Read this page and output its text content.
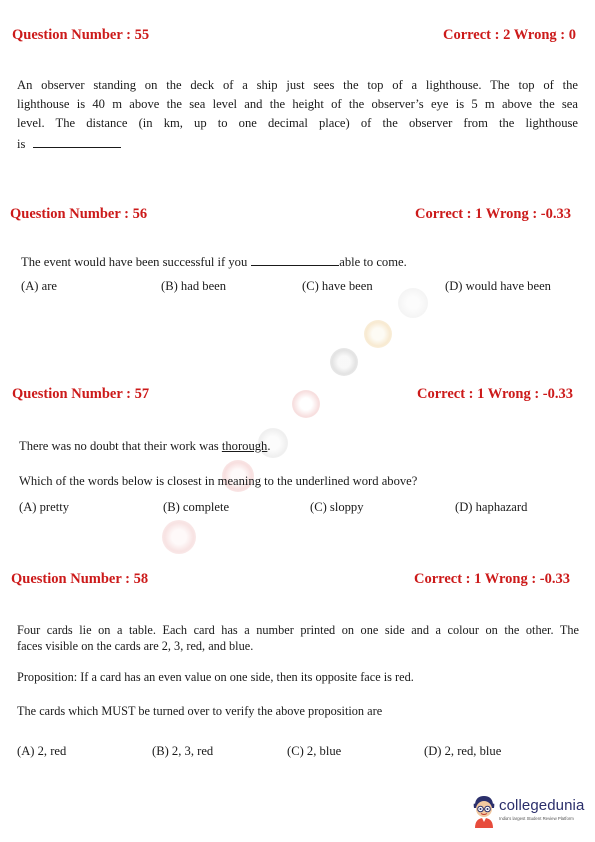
Question Number : 55	Correct : 2 Wrong : 0
An observer standing on the deck of a ship just sees the top of a lighthouse. The top of the
lighthouse is 40 m above the sea level and the height of the observer’s eye is 5 m above the sea
level. The distance (in km, up to one decimal place) of the observer from the lighthouse
is
Question Number : 56	Correct : 1 Wrong : -0.33
The event would have been successful if you	able to come.
(A) are	(B) had been	(C) have been	(D) would have been
Question Number : 57	Correct : 1 Wrong : -0.33
There was no doubt that their work was thorough.
Which of the words below is closest in meaning to the underlined word above?
(A) pretty	(B) complete	(C) sloppy	(D) haphazard
Question Number : 58	Correct : 1 Wrong : -0.33
Four cards lie on a table. Each card has a number printed on one side and a colour on the other. The
faces visible on the cards are 2, 3, red, and blue.
Proposition: If a card has an even value on one side, then its opposite face is red.
The cards which MUST be turned over to verify the above proposition are
(A) 2, red	(B) 2, 3, red	(C) 2, blue	(D) 2, red, blue
collegedunia
India's largest Student Review Platform
